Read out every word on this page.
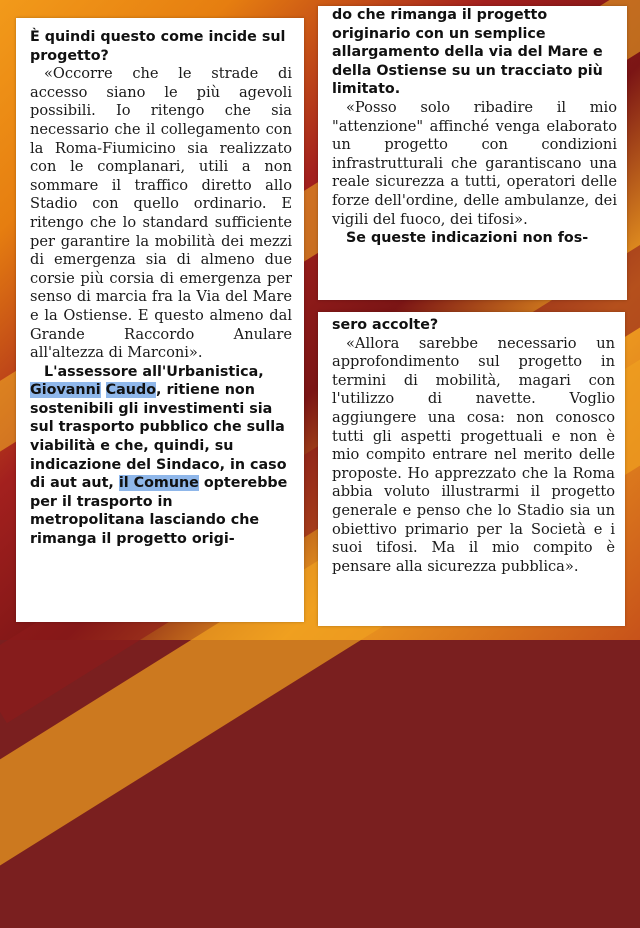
È quindi questo come incide sul progetto?

«Occorre che le strade di accesso siano le più agevoli possibili. Io ritengo che sia necessario che il collegamento con la Roma-Fiumicino sia realizzato con le complanari, utili a non sommare il traffico diretto allo Stadio con quello ordinario. E ritengo che lo standard sufficiente per garantire la mobilità dei mezzi di emergenza sia di almeno due corsie più corsia di emergenza per senso di marcia fra la Via del Mare e la Ostiense. E questo almeno dal Grande Raccordo Anulare all'altezza di Marconi».

L'assessore all'Urbanistica, Giovanni Caudo, ritiene non sostenibili gli investimenti sia sul trasporto pubblico che sulla viabilità e che, quindi, su indicazione del Sindaco, in caso di aut aut, il Comune opterebbe per il trasporto in metropolitana lasciando che rimanga il progetto origi-

do che rimanga il progetto originario con un semplice allargamento della via del Mare e della Ostiense su un tracciato più limitato.

«Posso solo ribadire il mio "attenzione" affinché venga elaborato un progetto con condizioni infrastrutturali che garantiscano una reale sicurezza a tutti, operatori delle forze dell'ordine, delle ambulanze, dei vigili del fuoco, dei tifosi».

Se queste indicazioni non fos-

sero accolte?

«Allora sarebbe necessario un approfondimento sul progetto in termini di mobilità, magari con l'utilizzo di navette. Voglio aggiungere una cosa: non conosco tutti gli aspetti progettuali e non è mio compito entrare nel merito delle proposte. Ho apprezzato che la Roma abbia voluto illustrarmi il progetto generale e penso che lo Stadio sia un obiettivo primario per la Società e i suoi tifosi. Ma il mio compito è pensare alla sicurezza pubblica».
